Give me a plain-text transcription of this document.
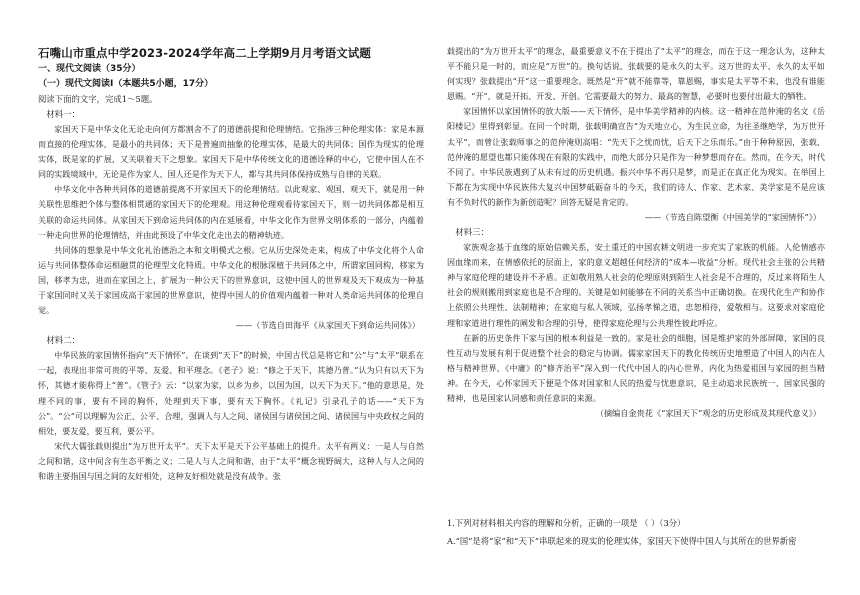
石嘴山市重点中学2023-2024学年高二上学期9月月考语文试题

一、现代文阅读（35分）

（一）现代文阅读Ⅰ（本题共5小题，17分）

阅读下面的文字，完成1～5题。

材料一：

家国天下是中华文化无论走向何方都割舍不了的道德前提和伦理情结。它指涉三种伦理实体：家是本源而直接的伦理实体，是最小的共同体；天下是普遍而抽象的伦理实体，是最大的共同体；国作为现实的伦理实体，既是家的扩展，又关联着天下之想象。家国天下是中华传统文化的道德诠释的中心，它使中国人在不同的实践境域中，无论是作为家人、国人还是作为天下人，都与其共同体保持成熟与自律的关联。

中华文化中各种共同体的道德前提离不开家国天下的伦理情结。以此观家、观国、观天下，就是用一种关联性思维把个体与整体相贯通的家国天下的伦理观。用这种伦理观看待家国天下，则一切共同体都是相互关联的命运共同体。从家国天下到命运共同体的内在延展看，中华文化作为世界文明体系的一部分，内蕴着一种走向世界的伦理情结，并由此预设了中华文化走出去的精神轨迹。

共同体的想象是中华文化礼治德治之本和文明模式之根。它从历史深处走来，构成了中华文化将个人命运与共同体整体命运相融贯的伦理型文化特质。中华文化的根脉深植于共同体之中，所谓家国同构，移家为国，移孝为忠，进而在家国之上，扩展为一种公天下的世界意识，这使中国人的世界观及天下观成为一种基于家国同时又关于家国成高于家国的世界意识，使得中国人的价值观内蕴着一种对人类命运共同体的伦理自觉。

——（节选自田海平《从家国天下到命运共同体》）

材料二：

中华民族的家国情怀指向“天下情怀”。在谈到“天下”的时候，中国古代总是将它和“公”与“太平”联系在一起，表现出非常可贵的平等、友爱、和平理念。《老子》说：“修之于天下，其德乃普。”认为只有以天下为怀，其德才能称得上“普”。《管子》云：“以家为家，以乡为乡，以国为国，以天下为天下。”他的意思是，处理不同的事，要有不同的胸怀，处理到天下事，要有天下胸怀。《礼记》引录孔子的话——“天下为公”。“公”可以理解为公正、公平、合理，强调人与人之间、诸侯国与诸侯国之间、诸侯国与中央政权之间的相处，要友爱，要互利，要公平。

宋代大儒张载则提出“为万世开太平”。天下太平是天下公平基础上的提升。太平有两义：一是人与自然之间和谐，这中间含有生态平衡之义；二是人与人之间和谐，由于“太平”概念视野阔大，这种人与人之间的和谐主要指国与国之间的友好相处，这种友好相处就是没有战争。张

载提出的“为万世开太平”的理念，最重要意义不在于提出了“太平”的理念，而在于这一理念认为，这种太平不能只是一时的，而应是“万世”的。换句话说，张载要的是永久的太平。这万世的太平、永久的太平如何实现？张载提出“开”这一重要理念。既然是“开”就不能靠等，靠恩赐，事实是太平等不来，也没有谁能恩赐。“开”，就是开拓、开发、开创。它需要最大的努力、最高的智慧，必要时也要付出最大的牺牲。

家国情怀以家国情怀的放大版——天下情怀，是中华美学精神的内核。这一精神在范仲淹的名文《岳阳楼记》里得到彰显。在同一个时期，张载明确宣告“为天地立心，为生民立命，为往圣继绝学，为万世开太平”，而曾让张载师事之的范仲淹则高唱：“先天下之忧而忧，后天下之乐而乐。”由于种种原因，张载、范仲淹的愿望也都只能体现在有限的实践中，而绝大部分只是作为一种梦想而存在。然而，在今天，时代不同了。中华民族遇到了从未有过的历史机遇。振兴中华不再只是梦，而是正在真正化为现实。在举国上下都在为实现中华民族伟大复兴中国梦砥砺奋斗的今天，我们的诗人、作家、艺术家、美学家是不是应该有不负时代的新作为新创造呢？回答无疑是肯定的。

——（节选自陈望衡《中国美学的“家国情怀”》）

材料三：

家族观念基于血缘的原始信赖关系，安土重迁的中国农耕文明进一步充实了家族的机能。人伦情感亦因血缘而来，在情感依托的层面上，家的意义超越任何经济的“成本—收益”分析。现代社会主张的公共精神与家庭伦理的建设并不矛盾。正如敬用熟人社会的伦理原则到陌生人社会是不合理的，反过来将陌生人社会的规则搬用到家庭也是不合理的。关键是如何能够在不同的关系当中正确切换。在现代化生产和协作上依照公共理性、法制精神；在家庭与私人领域，弘扬孝悌之道，忠恕相待，爱敬相与。这要求对家庭伦理和家道进行理性的阐发和合理的引导，使得家庭伦理与公共理性彼此呼应。

在新的历史条件下家与国的根本利益是一致的。家是社会的细胞，国是维护家的外部屏障，家国的良性互动与发展有利于促进整个社会的稳定与协调。儒家家国天下的教化传统历史地塑造了中国人的内在人格与精神世界，《中庸》的“修齐治平”深入到一代代中国人的内心世界，内化为热爱祖国与家园的担当精神。在今天，心怀家国天下便是个体对国家和人民的热爱与忧患意识，是主动追求民族统一、国家民强的精神，也是国家认同感和责任意识的来源。

（摘编自金贵花《“家国天下”观念的历史形成及其现代意义》）

1.下列对材料相关内容的理解和分析，正确的一项是 （ ）（3分）

A.“国”是将“家”和“天下”串联起来的现实的伦理实体，家国天下使得中国人与其所在的世界新密
